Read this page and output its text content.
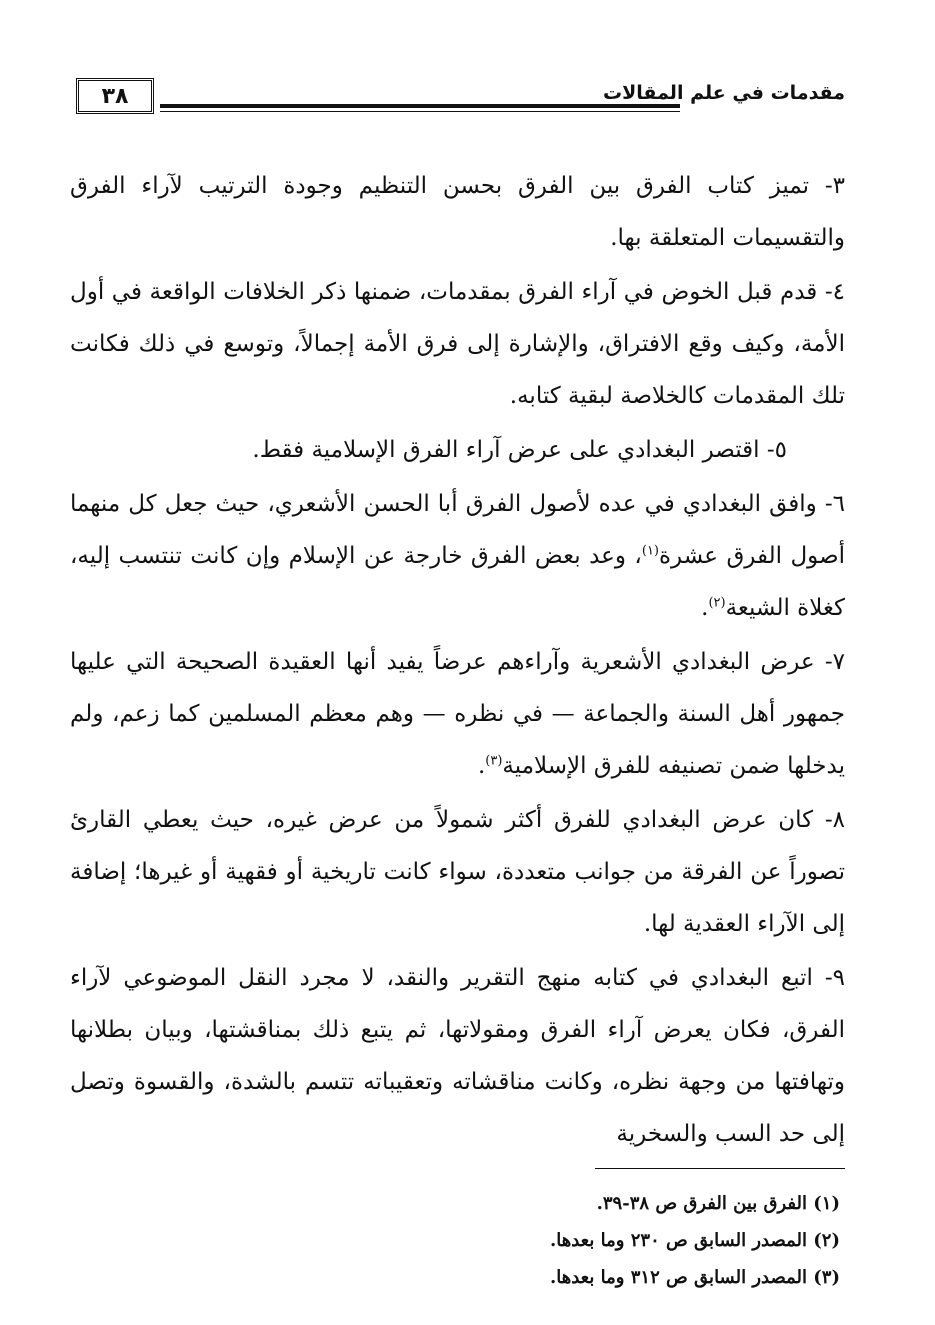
٣٨	مقدمات في علم المقالات

٣- تميز كتاب الفرق بين الفرق بحسن التنظيم وجودة الترتيب لآراء الفرق والتقسيمات المتعلقة بها.

٤- قدم قبل الخوض في آراء الفرق بمقدمات، ضمنها ذكر الخلافات الواقعة في أول الأمة، وكيف وقع الافتراق، والإشارة إلى فرق الأمة إجمالاً، وتوسع في ذلك فكانت تلك المقدمات كالخلاصة لبقية كتابه.

٥- اقتصر البغدادي على عرض آراء الفرق الإسلامية فقط.

٦- وافق البغدادي في عده لأصول الفرق أبا الحسن الأشعري، حيث جعل كل منهما أصول الفرق عشرة$^{(١)}$، وعد بعض الفرق خارجة عن الإسلام وإن كانت تنتسب إليه، كغلاة الشيعة$^{(٢)}$.

٧- عرض البغدادي الأشعرية وآراءهم عرضاً يفيد أنها العقيدة الصحيحة التي عليها جمهور أهل السنة والجماعة — في نظره — وهم معظم المسلمين كما زعم، ولم يدخلها ضمن تصنيفه للفرق الإسلامية$^{(٣)}$.

٨- كان عرض البغدادي للفرق أكثر شمولاً من عرض غيره، حيث يعطي القارئ تصوراً عن الفرقة من جوانب متعددة، سواء كانت تاريخية أو فقهية أو غيرها؛ إضافة إلى الآراء العقدية لها.

٩- اتبع البغدادي في كتابه منهج التقرير والنقد، لا مجرد النقل الموضوعي لآراء الفرق، فكان يعرض آراء الفرق ومقولاتها، ثم يتبع ذلك بمناقشتها، وبيان بطلانها وتهافتها من وجهة نظره، وكانت مناقشاته وتعقيباته تتسم بالشدة، والقسوة وتصل إلى حد السب والسخرية

(١) الفرق بين الفرق ص ٣٨-٣٩.
(٢) المصدر السابق ص ٢٣٠ وما بعدها.
(٣) المصدر السابق ص ٣١٢ وما بعدها.
